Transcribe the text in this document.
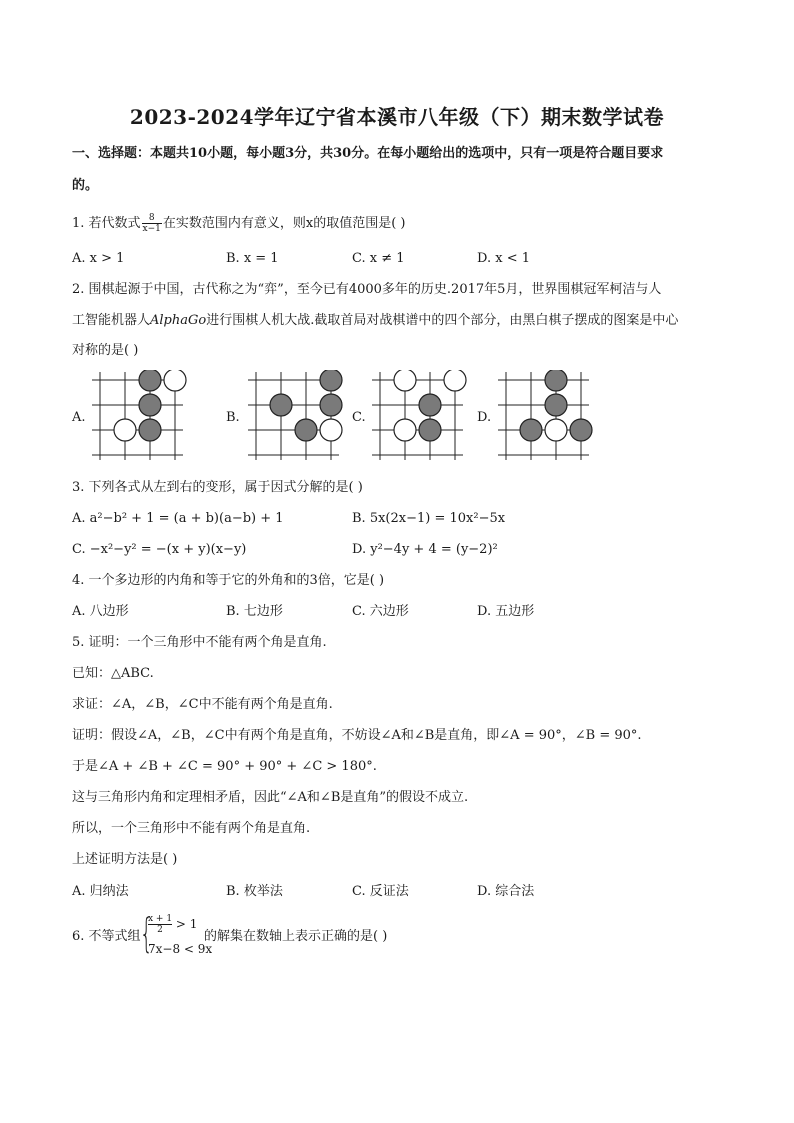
2023-2024学年辽宁省本溪市八年级（下）期末数学试卷
一、选择题：本题共10小题，每小题3分，共30分。在每小题给出的选项中，只有一项是符合题目要求
的。
1. 若代数式 $\frac{8}{x-1}$ 在实数范围内有意义，则x的取值范围是( )
A. x > 1	B. x = 1	C. x ≠ 1	D. x < 1
2. 围棋起源于中国，古代称之为“弈”，至今已有4000多年的历史.2017年5月，世界围棋冠军柯洁与人
工智能机器人AlphaGo进行围棋人机大战.截取首局对战棋谱中的四个部分，由黑白棋子摆成的图案是中心
对称的是( )
A.	B.	C.	D.
3. 下列各式从左到右的变形，属于因式分解的是( )
A. a²−b² + 1 = (a + b)(a−b) + 1	B. 5x(2x−1) = 10x²−5x
C. −x²−y² = −(x + y)(x−y)	D. y²−4y + 4 = (y−2)²
4. 一个多边形的内角和等于它的外角和的3倍，它是( )
A. 八边形	B. 七边形	C. 六边形	D. 五边形
5. 证明：一个三角形中不能有两个角是直角.
已知：△ABC.
求证：∠A，∠B，∠C中不能有两个角是直角.
证明：假设∠A，∠B，∠C中有两个角是直角，不妨设∠A和∠B是直角，即∠A = 90°，∠B = 90°.
于是∠A + ∠B + ∠C = 90° + 90° + ∠C > 180°.
这与三角形内角和定理相矛盾，因此“∠A和∠B是直角”的假设不成立.
所以，一个三角形中不能有两个角是直角.
上述证明方法是( )
A. 归纳法	B. 枚举法	C. 反证法	D. 综合法
6. 不等式组 {
$\frac{x + 1}{2} > 1$
7x−8 < 9x
的解集在数轴上表示正确的是( )
